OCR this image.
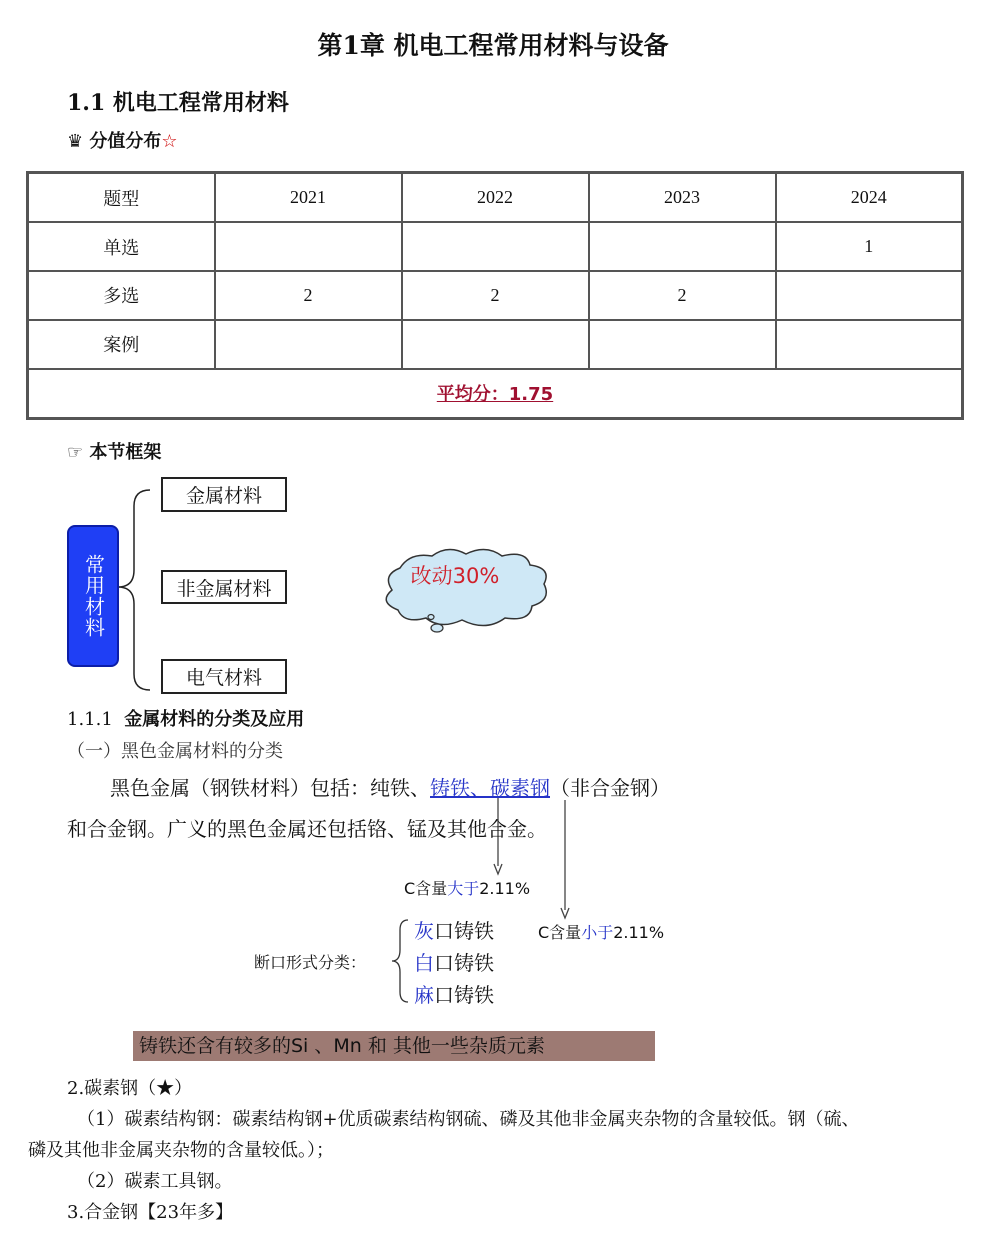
第1章 机电工程常用材料与设备
1.1 机电工程常用材料
♛ 分值分布☆
题型	2021	2022	2023	2024
单选				1
多选	2	2	2	
案例				
平均分：1.75				
☞ 本节框架
常用材料
金属材料
非金属材料
电气材料
改动30%
1.1.1 金属材料的分类及应用
（一）黑色金属材料的分类
黑色金属（钢铁材料）包括：纯铁、铸铁、碳素钢（非合金钢）
和合金钢。广义的黑色金属还包括铬、锰及其他合金。
C含量大于2.11%
C含量小于2.11%
断口形式分类：
灰口铸铁
白口铸铁
麻口铸铁
铸铁还含有较多的Si 、Mn 和 其他一些杂质元素
2.碳素钢（★）
（1）碳素结构钢：碳素结构钢+优质碳素结构钢硫、磷及其他非金属夹杂物的含量较低。钢（硫、
磷及其他非金属夹杂物的含量较低。）；
（2）碳素工具钢。
3.合金钢【23年多】
